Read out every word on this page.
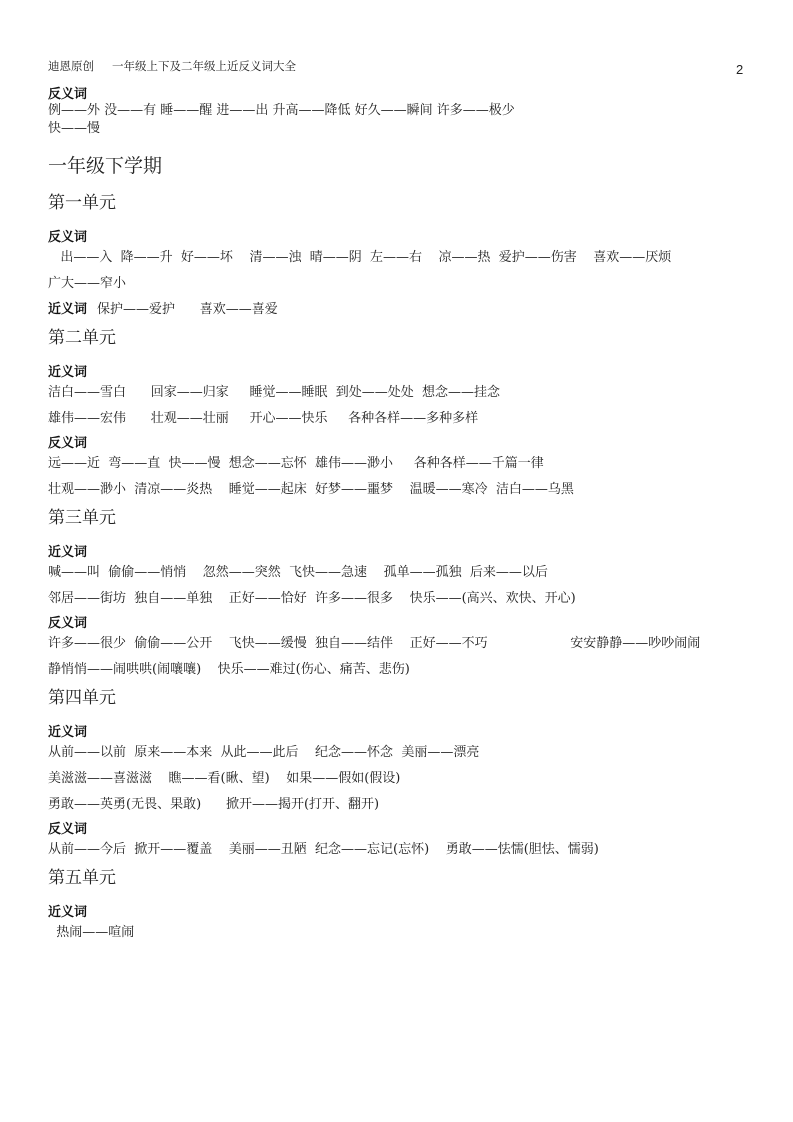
迪恩原创 一年级上下及二年级上近反义词大全	2
反义词
例——外 没——有 睡——醒 进——出 升高——降低 好久——瞬间 许多——极少
快——慢
一年级下学期
第一单元
反义词
出——入  降——升  好——坏    清——浊  晴——阴  左——右    凉——热  爱护——伤害    喜欢——厌烦
广大——窄小
近义词 保护——爱护      喜欢——喜爱
第二单元
近义词
洁白——雪白      回家——归家     睡觉——睡眠  到处——处处  想念——挂念
雄伟——宏伟      壮观——壮丽     开心——快乐     各种各样——多种多样
反义词
远——近  弯——直  快——慢  想念——忘怀  雄伟——渺小     各种各样——千篇一律
壮观——渺小  清凉——炎热    睡觉——起床  好梦——噩梦    温暖——寒冷  洁白——乌黑
第三单元
近义词
喊——叫  偷偷——悄悄    忽然——突然  飞快——急速    孤单——孤独  后来——以后
邻居——街坊  独自——单独    正好——恰好  许多——很多    快乐——(高兴、欢快、开心)
反义词
许多——很少  偷偷——公开    飞快——缓慢  独自——结伴    正好——不巧                    安安静静——吵吵闹闹
静悄悄——闹哄哄(闹嚷嚷)    快乐——难过(伤心、痛苦、悲伤)
第四单元
近义词
从前——以前  原来——本来  从此——此后    纪念——怀念  美丽——漂亮
美滋滋——喜滋滋    瞧——看(瞅、望)    如果——假如(假设)
勇敢——英勇(无畏、果敢)      掀开——揭开(打开、翻开)
反义词
从前——今后  掀开——覆盖    美丽——丑陋  纪念——忘记(忘怀)    勇敢——怯懦(胆怯、懦弱)
第五单元
近义词
热闹——喧闹
